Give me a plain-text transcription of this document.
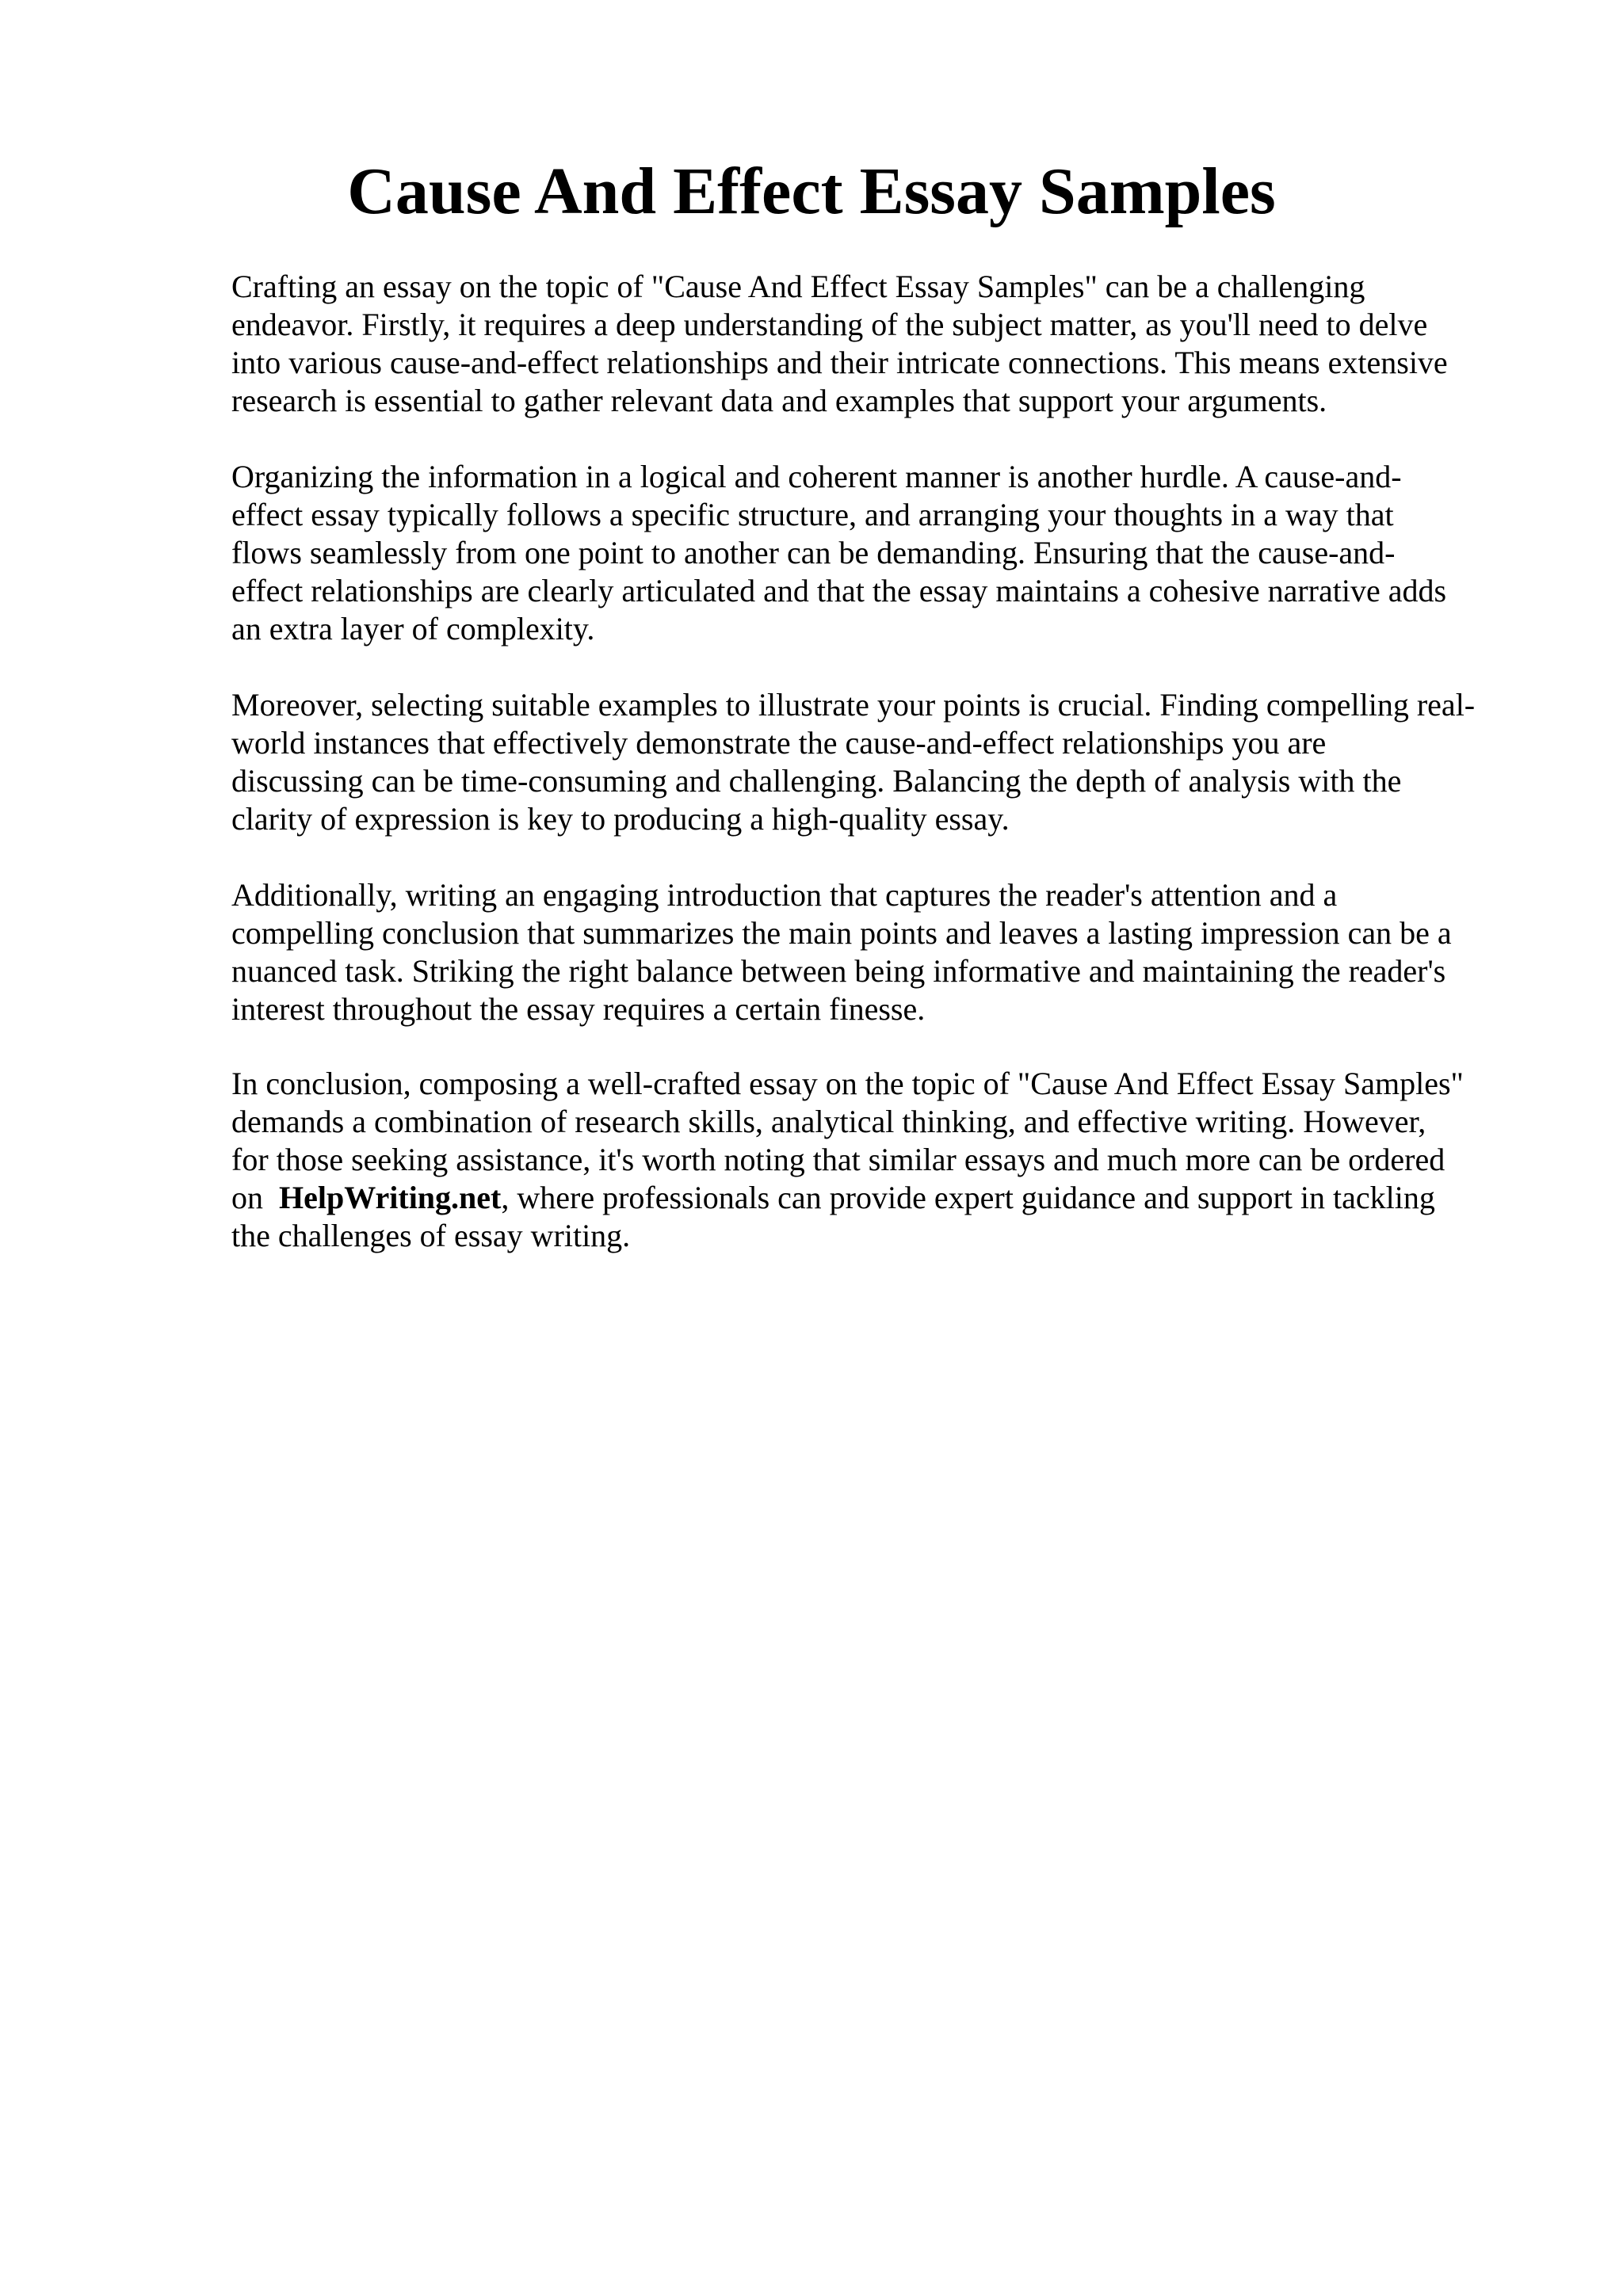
Cause And Effect Essay Samples

Crafting an essay on the topic of "Cause And Effect Essay Samples" can be a challenging
endeavor. Firstly, it requires a deep understanding of the subject matter, as you'll need to delve
into various cause-and-effect relationships and their intricate connections. This means extensive
research is essential to gather relevant data and examples that support your arguments.

Organizing the information in a logical and coherent manner is another hurdle. A cause-and-
effect essay typically follows a specific structure, and arranging your thoughts in a way that
flows seamlessly from one point to another can be demanding. Ensuring that the cause-and-
effect relationships are clearly articulated and that the essay maintains a cohesive narrative adds
an extra layer of complexity.

Moreover, selecting suitable examples to illustrate your points is crucial. Finding compelling real-
world instances that effectively demonstrate the cause-and-effect relationships you are
discussing can be time-consuming and challenging. Balancing the depth of analysis with the
clarity of expression is key to producing a high-quality essay.

Additionally, writing an engaging introduction that captures the reader's attention and a
compelling conclusion that summarizes the main points and leaves a lasting impression can be a
nuanced task. Striking the right balance between being informative and maintaining the reader's
interest throughout the essay requires a certain finesse.

In conclusion, composing a well-crafted essay on the topic of "Cause And Effect Essay Samples"
demands a combination of research skills, analytical thinking, and effective writing. However,
for those seeking assistance, it's worth noting that similar essays and much more can be ordered
on HelpWriting.net, where professionals can provide expert guidance and support in tackling
the challenges of essay writing.
